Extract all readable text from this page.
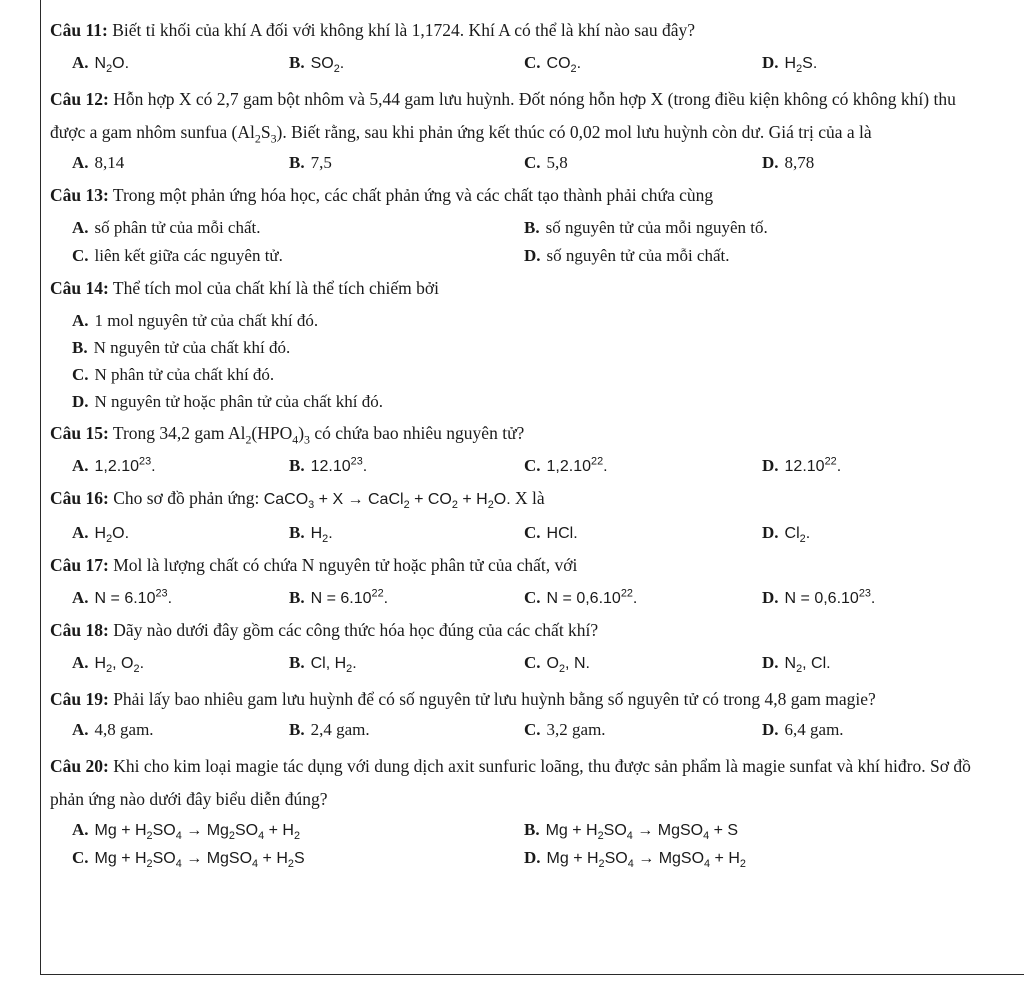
Câu 11: Biết tỉ khối của khí A đối với không khí là 1,1724. Khí A có thể là khí nào sau đây?
A. $N_2O$.	B. $SO_2$.	C. $CO_2$.	D. $H_2S$.
Câu 12: Hỗn hợp X có 2,7 gam bột nhôm và 5,44 gam lưu huỳnh. Đốt nóng hỗn hợp X (trong điều kiện không có không khí) thu được a gam nhôm sunfua $(Al_2S_3)$. Biết rằng, sau khi phản ứng kết thúc có 0,02 mol lưu huỳnh còn dư. Giá trị của a là
A. 8,14	B. 7,5	C. 5,8	D. 8,78
Câu 13: Trong một phản ứng hóa học, các chất phản ứng và các chất tạo thành phải chứa cùng
A. số phân tử của mỗi chất.	B. số nguyên tử của mỗi nguyên tố.
C. liên kết giữa các nguyên tử.	D. số nguyên tử của mỗi chất.
Câu 14: Thể tích mol của chất khí là thể tích chiếm bởi
A. 1 mol nguyên tử của chất khí đó.
B. N nguyên tử của chất khí đó.
C. N phân tử của chất khí đó.
D. N nguyên tử hoặc phân tử của chất khí đó.
Câu 15: Trong 34,2 gam $Al_2(HPO_4)_3$ có chứa bao nhiêu nguyên tử?
A. 1,2.10$^{23}$.	B. 12.10$^{23}$.	C. 1,2.10$^{22}$.	D. 12.10$^{22}$.
Câu 16: Cho sơ đồ phản ứng: CaCO$_3$ + X → CaCl$_2$ + $CO_2 + H_2O$. X là
A. $H_2O$.	B. $H_2$.	C. HCl.	D. $Cl_2$.
Câu 17: Mol là lượng chất có chứa N nguyên tử hoặc phân tử của chất, với
A. $N = 6.10^{23}$.	B. $N = 6.10^{22}$.	C. $N = 0,6.10^{22}$.	D. $N = 0,6.10^{23}$.
Câu 18: Dãy nào dưới đây gồm các công thức hóa học đúng của các chất khí?
A. $H_2$, $O_2$.	B. Cl, $H_2$.	C. $O_2$, N.	D. $N_2$, Cl.
Câu 19: Phải lấy bao nhiêu gam lưu huỳnh để có số nguyên tử lưu huỳnh bằng số nguyên tử có trong 4,8 gam magie?
A. 4,8 gam.	B. 2,4 gam.	C. 3,2 gam.	D. 6,4 gam.
Câu 20: Khi cho kim loại magie tác dụng với dung dịch axit sunfuric loãng, thu được sản phẩm là magie sunfat và khí hiđro. Sơ đồ phản ứng nào dưới đây biểu diễn đúng?
A. $Mg + H_2SO_4 \to Mg_2SO_4 + H_2$	B. $Mg + H_2SO_4$ → MgSO$_4$ + S
C. $Mg + H_2SO_4$ → MgSO$_4$ + $H_2S$	D. $Mg + H_2SO_4$ → MgSO$_4$ + $H_2$
